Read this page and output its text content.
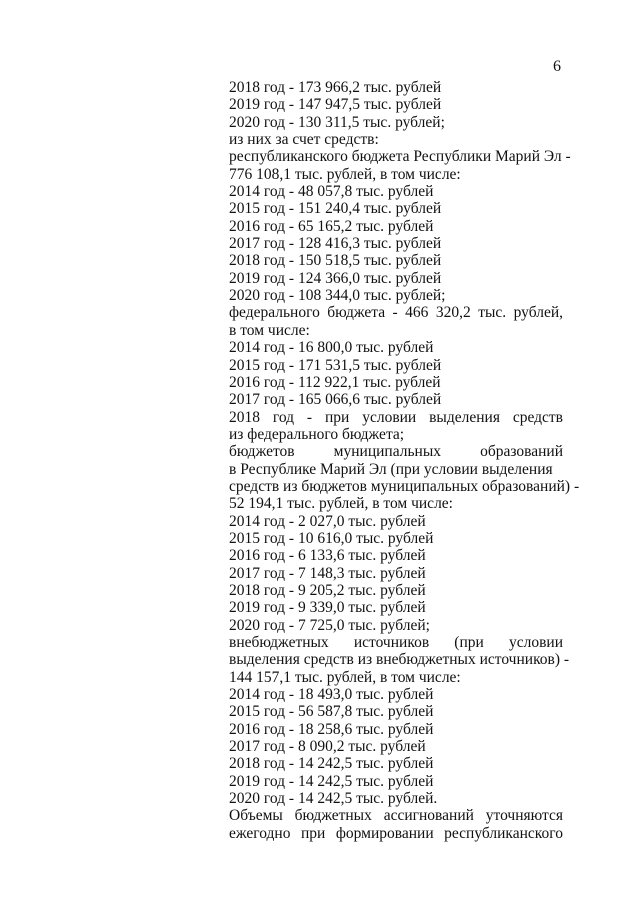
6
2018 год - 173 966,2 тыс. рублей
2019 год - 147 947,5 тыс. рублей
2020 год - 130 311,5 тыс. рублей;
из них за счет средств:
республиканского бюджета Республики Марий Эл -
776 108,1 тыс. рублей, в том числе:
2014 год - 48 057,8 тыс. рублей
2015 год - 151 240,4 тыс. рублей
2016 год - 65 165,2 тыс. рублей
2017 год - 128 416,3 тыс. рублей
2018 год - 150 518,5 тыс. рублей
2019 год - 124 366,0 тыс. рублей
2020 год - 108 344,0 тыс. рублей;
федерального бюджета - 466 320,2 тыс. рублей,
в том числе:
2014 год - 16 800,0 тыс. рублей
2015 год - 171 531,5 тыс. рублей
2016 год - 112 922,1 тыс. рублей
2017 год - 165 066,6 тыс. рублей
2018 год - при условии выделения средств
из федерального бюджета;
бюджетов муниципальных образований
в Республике Марий Эл (при условии выделения
средств из бюджетов муниципальных образований) -
52 194,1 тыс. рублей, в том числе:
2014 год - 2 027,0 тыс. рублей
2015 год - 10 616,0 тыс. рублей
2016 год - 6 133,6 тыс. рублей
2017 год - 7 148,3 тыс. рублей
2018 год - 9 205,2 тыс. рублей
2019 год - 9 339,0 тыс. рублей
2020 год - 7 725,0 тыс. рублей;
внебюджетных источников (при условии
выделения средств из внебюджетных источников) -
144 157,1 тыс. рублей, в том числе:
2014 год - 18 493,0 тыс. рублей
2015 год - 56 587,8 тыс. рублей
2016 год - 18 258,6 тыс. рублей
2017 год - 8 090,2 тыс. рублей
2018 год - 14 242,5 тыс. рублей
2019 год - 14 242,5 тыс. рублей
2020 год - 14 242,5 тыс. рублей.
Объемы бюджетных ассигнований уточняются
ежегодно при формировании республиканского
